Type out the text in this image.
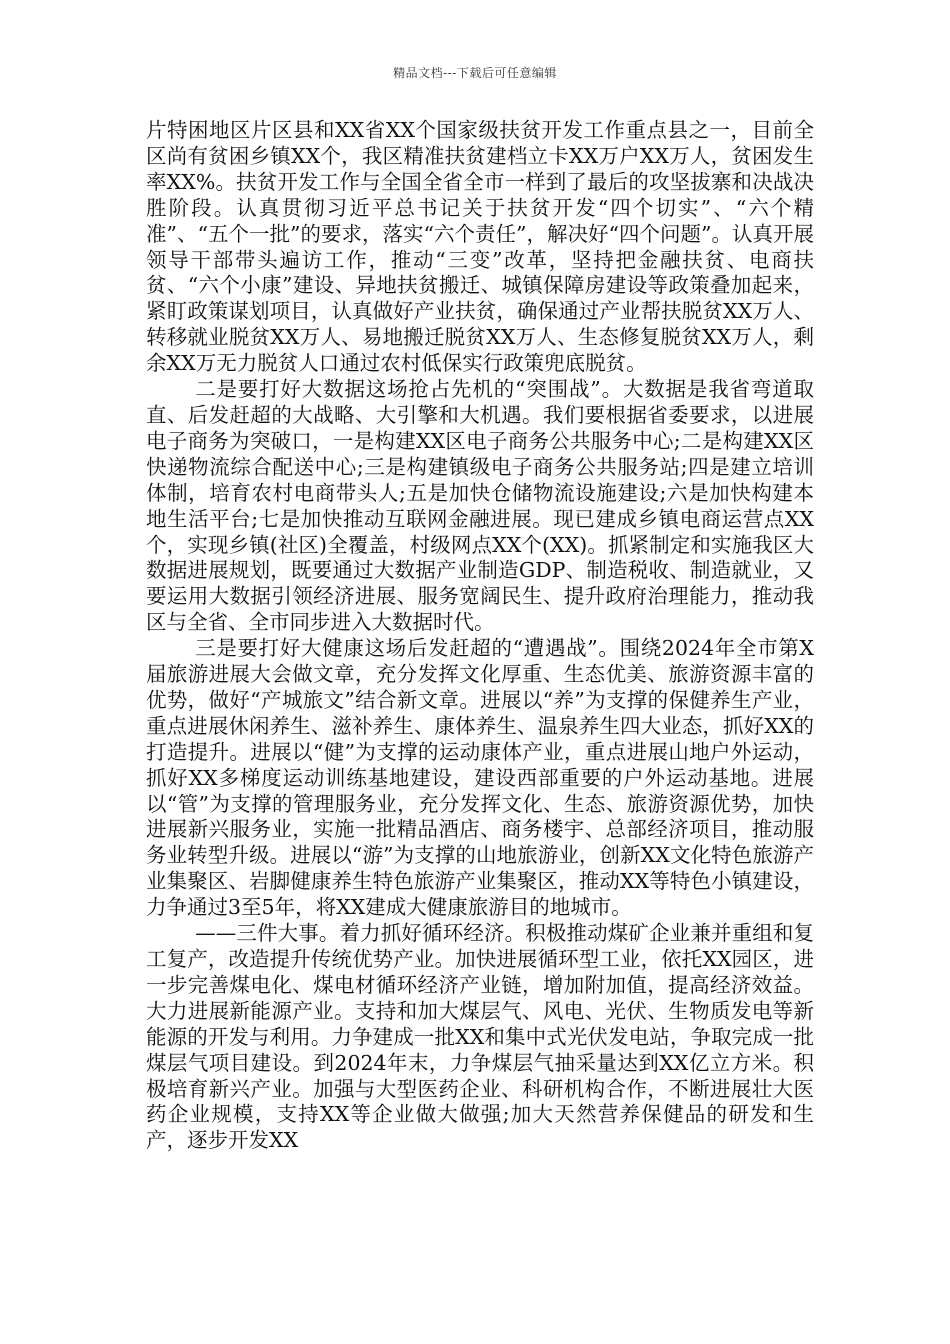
精品文档---下载后可任意编辑

片特困地区片区县和XX省XX个国家级扶贫开发工作重点县之一，目前全区尚有贫困乡镇XX个，我区精准扶贫建档立卡XX万户XX万人，贫困发生率XX%。扶贫开发工作与全国全省全市一样到了最后的攻坚拔寨和决战决胜阶段。认真贯彻习近平总书记关于扶贫开发“四个切实”、“六个精准”、“五个一批”的要求，落实“六个责任”，解决好“四个问题”。认真开展领导干部带头遍访工作，推动“三变”改革，坚持把金融扶贫、电商扶贫、“六个小康”建设、异地扶贫搬迁、城镇保障房建设等政策叠加起来，紧盯政策谋划项目，认真做好产业扶贫，确保通过产业帮扶脱贫XX万人、转移就业脱贫XX万人、易地搬迁脱贫XX万人、生态修复脱贫XX万人，剩余XX万无力脱贫人口通过农村低保实行政策兜底脱贫。

二是要打好大数据这场抢占先机的“突围战”。大数据是我省弯道取直、后发赶超的大战略、大引擎和大机遇。我们要根据省委要求，以进展电子商务为突破口，一是构建XX区电子商务公共服务中心;二是构建XX区快递物流综合配送中心;三是构建镇级电子商务公共服务站;四是建立培训体制，培育农村电商带头人;五是加快仓储物流设施建设;六是加快构建本地生活平台;七是加快推动互联网金融进展。现已建成乡镇电商运营点XX个，实现乡镇(社区)全覆盖，村级网点XX个(XX)。抓紧制定和实施我区大数据进展规划，既要通过大数据产业制造GDP、制造税收、制造就业，又要运用大数据引领经济进展、服务宽阔民生、提升政府治理能力，推动我区与全省、全市同步进入大数据时代。

三是要打好大健康这场后发赶超的“遭遇战”。围绕2024年全市第X届旅游进展大会做文章，充分发挥文化厚重、生态优美、旅游资源丰富的优势，做好“产城旅文”结合新文章。进展以“养”为支撑的保健养生产业，重点进展休闲养生、滋补养生、康体养生、温泉养生四大业态，抓好XX的打造提升。进展以“健”为支撑的运动康体产业，重点进展山地户外运动，抓好XX多梯度运动训练基地建设，建设西部重要的户外运动基地。进展以“管”为支撑的管理服务业，充分发挥文化、生态、旅游资源优势，加快进展新兴服务业，实施一批精品酒店、商务楼宇、总部经济项目，推动服务业转型升级。进展以“游”为支撑的山地旅游业，创新XX文化特色旅游产业集聚区、岩脚健康养生特色旅游产业集聚区，推动XX等特色小镇建设，力争通过3至5年，将XX建成大健康旅游目的地城市。

——三件大事。着力抓好循环经济。积极推动煤矿企业兼并重组和复工复产，改造提升传统优势产业。加快进展循环型工业，依托XX园区，进一步完善煤电化、煤电材循环经济产业链，增加附加值，提高经济效益。大力进展新能源产业。支持和加大煤层气、风电、光伏、生物质发电等新能源的开发与利用。力争建成一批XX和集中式光伏发电站，争取完成一批煤层气项目建设。到2024年末，力争煤层气抽采量达到XX亿立方米。积极培育新兴产业。加强与大型医药企业、科研机构合作，不断进展壮大医药企业规模，支持XX等企业做大做强;加大天然营养保健品的研发和生产，逐步开发XX
